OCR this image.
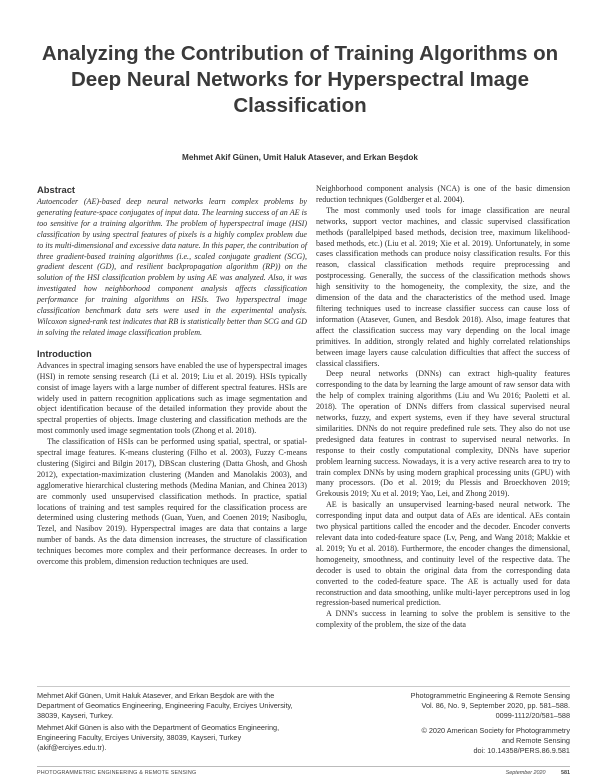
Analyzing the Contribution of Training Algorithms on Deep Neural Networks for Hyperspectral Image Classification
Mehmet Akif Günen, Umit Haluk Atasever, and Erkan Beşdok
Abstract
Autoencoder (AE)-based deep neural networks learn complex problems by generating feature-space conjugates of input data. The learning success of an AE is too sensitive for a training algorithm. The problem of hyperspectral image (HSI) classification by using spectral features of pixels is a highly complex problem due to its multi-dimensional and excessive data nature. In this paper, the contribution of three gradient-based training algorithms (i.e., scaled conjugate gradient (SCG), gradient descent (GD), and resilient backpropagation algorithm (RP)) on the solution of the HSI classification problem by using AE was analyzed. Also, it was investigated how neighborhood component analysis affects classification performance for training algorithms on HSIs. Two hyperspectral image classification benchmark data sets were used in the experimental analysis. Wilcoxon signed-rank test indicates that RB is statistically better than SCG and GD in solving the related image classification problem.
Introduction
Advances in spectral imaging sensors have enabled the use of hyperspectral images (HSI) in remote sensing research (Li et al. 2019; Liu et al. 2019). HSIs typically consist of image layers with a large number of different spectral features. HSIs are widely used in pattern recognition applications such as image segmentation and object identification because of the detailed information they provide about the spectral properties of objects. Image clustering and classification methods are the most commonly used image segmentation tools (Zhong et al. 2018).
The classification of HSIs can be performed using spatial, spectral, or spatial-spectral image features. K-means clustering (Filho et al. 2003), Fuzzy C-means clustering (Sigirci and Bilgin 2017), DBScan clustering (Datta Ghosh, and Ghosh 2012), expectation-maximization clustering (Manden and Manolakis 2003), and agglomerative hierarchical clustering methods (Medina Manian, and Chinea 2013) are commonly used unsupervised classification methods. In practice, spatial locations of training and test samples required for the classification process are determined using clustering methods (Guan, Yuen, and Coenen 2019; Nasiboglu, Tezel, and Nasibov 2019). Hyperspectral images are data that contains a large number of bands. As the data dimension increases, the structure of classification techniques becomes more complex and their performance decreases. In order to overcome this problem, dimension reduction techniques are used.
Neighborhood component analysis (NCA) is one of the basic dimension reduction techniques (Goldberger et al. 2004).
The most commonly used tools for image classification are neural networks, support vector machines, and classic supervised classification methods (parallelpiped based methods, decision tree, maximum likelihood-based methods, etc.) (Liu et al. 2019; Xie et al. 2019). Unfortunately, in some cases classification methods can produce noisy classification results. For this reason, classical classification methods require preprocessing and postprocessing. Generally, the success of the classification methods shows high sensitivity to the homogeneity, the complexity, the size, and the dimension of the data and the characteristics of the method used. Image filtering techniques used to increase classifier success can cause loss of information (Atasever, Gunen, and Besdok 2018). Also, image features that affect the classification success may vary depending on the local image primitives. In addition, strongly related and highly correlated relationships between image layers cause calculation difficulties that affect the success of classical classifiers.
Deep neural networks (DNNs) can extract high-quality features corresponding to the data by learning the large amount of raw sensor data with the help of complex training algorithms (Liu and Wu 2016; Paoletti et al. 2018). The operation of DNNs differs from classical supervised neural networks, fuzzy, and expert systems, even if they have several structural similarities. DNNs do not require predefined rule sets. They also do not use predesigned data features in contrast to supervised neural networks. In response to their costly computational complexity, DNNs have superior problem learning success. Nowadays, it is a very active research area to try to train complex DNNs by using modern graphical processing units (GPU) with many processors. (Do et al. 2019; du Plessis and Broeckhoven 2019; Grekousis 2019; Xu et al. 2019; Yao, Lei, and Zhong 2019).
AE is basically an unsupervised learning-based neural network. The corresponding input data and output data of AEs are identical. AEs contain two physical partitions called the encoder and the decoder. Encoder converts relevant data into coded-feature space (Lv, Peng, and Wang 2018; Makkie et al. 2019; Yu et al. 2018). Furthermore, the encoder changes the dimensional, homogeneity, smoothness, and continuity level of the respective data. The decoder is used to obtain the original data from the corresponding data converted to the coded-feature space. The AE is actually used for data reconstruction and data smoothing, unlike multi-layer perceptrons used in log regression-based numerical prediction.
A DNN's success in learning to solve the problem is sensitive to the complexity of the problem, the size of the data
Mehmet Akif Günen, Umit Haluk Atasever, and Erkan Beşdok are with the Department of Geomatics Engineering, Engineering Faculty, Erciyes University, 38039, Kayseri, Turkey.
Mehmet Akif Günen is also with the Department of Geomatics Engineering, Engineering Faculty, Erciyes University, 38039, Kayseri, Turkey (akif@erciyes.edu.tr).
Photogrammetric Engineering & Remote Sensing
Vol. 86, No. 9, September 2020, pp. 581–588.
0099-1112/20/581–588
© 2020 American Society for Photogrammetry
and Remote Sensing
doi: 10.14358/PERS.86.9.581
PHOTOGRAMMETRIC ENGINEERING & REMOTE SENSING	September 2020	581
